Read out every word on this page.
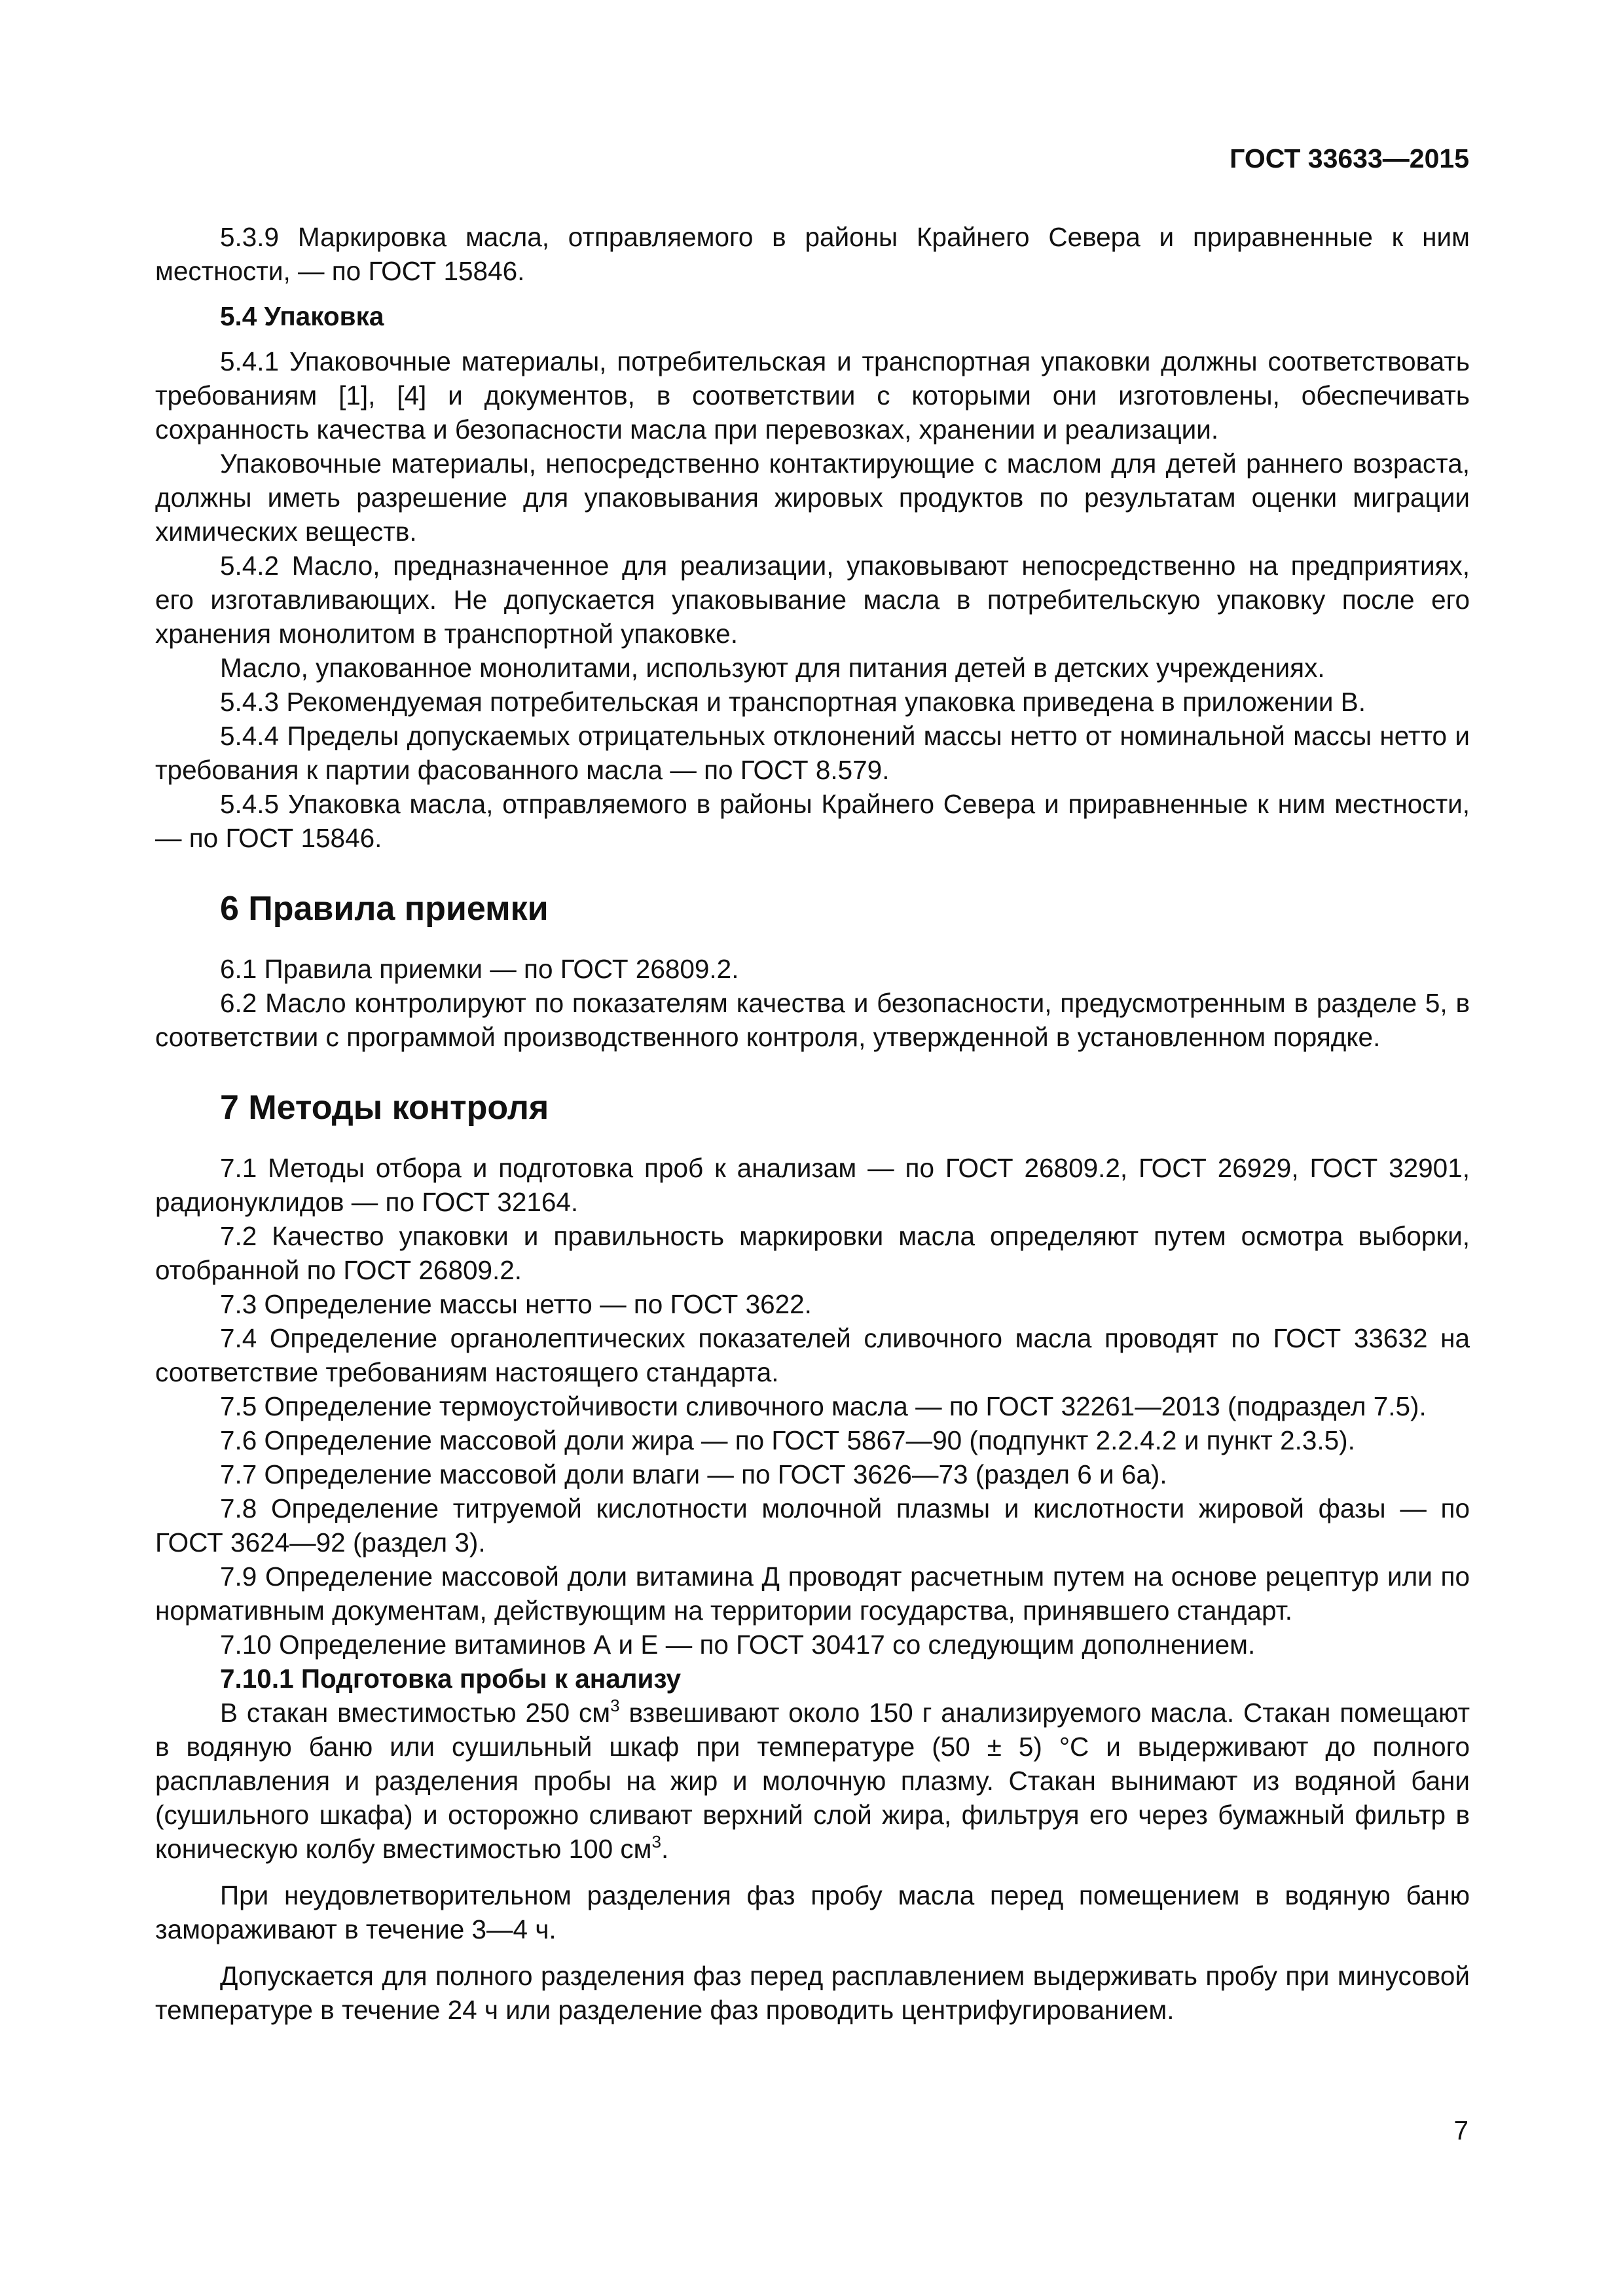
ГОСТ 33633—2015

5.3.9 Маркировка масла, отправляемого в районы Крайнего Севера и приравненные к ним местности, — по ГОСТ 15846.

5.4 Упаковка

5.4.1 Упаковочные материалы, потребительская и транспортная упаковки должны соответствовать требованиям [1], [4] и документов, в соответствии с которыми они изготовлены, обеспечивать сохранность качества и безопасности масла при перевозках, хранении и реализации.

Упаковочные материалы, непосредственно контактирующие с маслом для детей раннего возраста, должны иметь разрешение для упаковывания жировых продуктов по результатам оценки миграции химических веществ.

5.4.2 Масло, предназначенное для реализации, упаковывают непосредственно на предприятиях, его изготавливающих. Не допускается упаковывание масла в потребительскую упаковку после его хранения монолитом в транспортной упаковке.

Масло, упакованное монолитами, используют для питания детей в детских учреждениях.

5.4.3 Рекомендуемая потребительская и транспортная упаковка приведена в приложении В.

5.4.4 Пределы допускаемых отрицательных отклонений массы нетто от номинальной массы нетто и требования к партии фасованного масла — по ГОСТ 8.579.

5.4.5 Упаковка масла, отправляемого в районы Крайнего Севера и приравненные к ним местности, — по ГОСТ 15846.

6 Правила приемки

6.1 Правила приемки — по ГОСТ 26809.2.

6.2 Масло контролируют по показателям качества и безопасности, предусмотренным в разделе 5, в соответствии с программой производственного контроля, утвержденной в установленном порядке.

7 Методы контроля

7.1 Методы отбора и подготовка проб к анализам — по ГОСТ 26809.2, ГОСТ 26929, ГОСТ 32901, радионуклидов — по ГОСТ 32164.

7.2 Качество упаковки и правильность маркировки масла определяют путем осмотра выборки, отобранной по ГОСТ 26809.2.

7.3 Определение массы нетто — по ГОСТ 3622.

7.4 Определение органолептических показателей сливочного масла проводят по ГОСТ 33632 на соответствие требованиям настоящего стандарта.

7.5 Определение термоустойчивости сливочного масла — по ГОСТ 32261—2013 (подраздел 7.5).

7.6 Определение массовой доли жира — по ГОСТ 5867—90 (подпункт 2.2.4.2 и пункт 2.3.5).

7.7 Определение массовой доли влаги — по ГОСТ 3626—73 (раздел 6 и 6а).

7.8 Определение титруемой кислотности молочной плазмы и кислотности жировой фазы — по ГОСТ 3624—92 (раздел 3).

7.9 Определение массовой доли витамина Д проводят расчетным путем на основе рецептур или по нормативным документам, действующим на территории государства, принявшего стандарт.

7.10 Определение витаминов А и Е — по ГОСТ 30417 со следующим дополнением.

7.10.1 Подготовка пробы к анализу

В стакан вместимостью 250 $см^3$ взвешивают около 150 г анализируемого масла. Стакан помещают в водяную баню или сушильный шкаф при температуре (50 ± 5) °С и выдерживают до полного расплавления и разделения пробы на жир и молочную плазму. Стакан вынимают из водяной бани (сушильного шкафа) и осторожно сливают верхний слой жира, фильтруя его через бумажный фильтр в коническую колбу вместимостью 100 $см^3$.

При неудовлетворительном разделения фаз пробу масла перед помещением в водяную баню замораживают в течение 3—4 ч.

Допускается для полного разделения фаз перед расплавлением выдерживать пробу при минусовой температуре в течение 24 ч или разделение фаз проводить центрифугированием.

7
